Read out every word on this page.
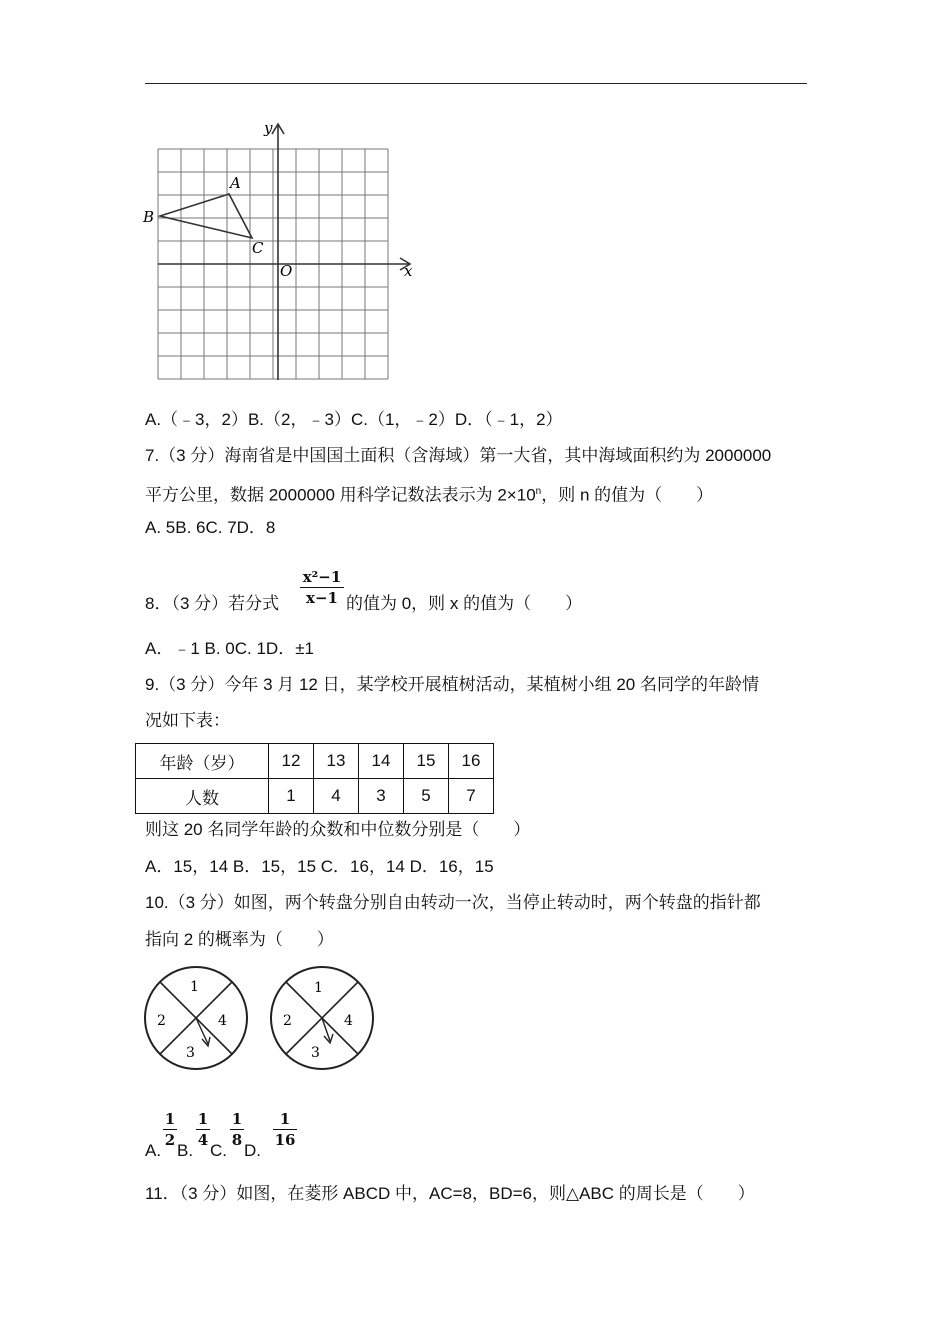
y
x
O
A
B
C
A.（﹣3，2）B.（2，﹣3）C.（1，﹣2）D．（﹣1，2）
7.（3 分）海南省是中国国土面积（含海域）第一大省，其中海域面积约为 2000000
平方公里，数据 2000000 用科学记数法表示为 $2\times 10^n$，则 n 的值为（　　）
A. 5B. 6C. 7D．8
8．（3 分）若分式
x²−1
x−1 的值为 0，则 x 的值为（　　）
A．﹣1 B. 0C. 1D．±1
9.（3 分）今年 3 月 12 日，某学校开展植树活动，某植树小组 20 名同学的年龄情
况如下表：
年龄（岁）	12	13	14	15	16
人数	1	4	3	5	7
则这 20 名同学年龄的众数和中位数分别是（　　）
A．15，14 B．15，15 C．16，14 D．16，15
10.（3 分）如图，两个转盘分别自由转动一次，当停止转动时，两个转盘的指针都
指向 2 的概率为（　　）
1
2
3
4
1
2
3
4
A.
1
2
B.
1
4
C.
1
8
D.
1
16
11．（3 分）如图，在菱形 ABCD 中，AC=8，BD=6，则△ABC 的周长是（　　）
